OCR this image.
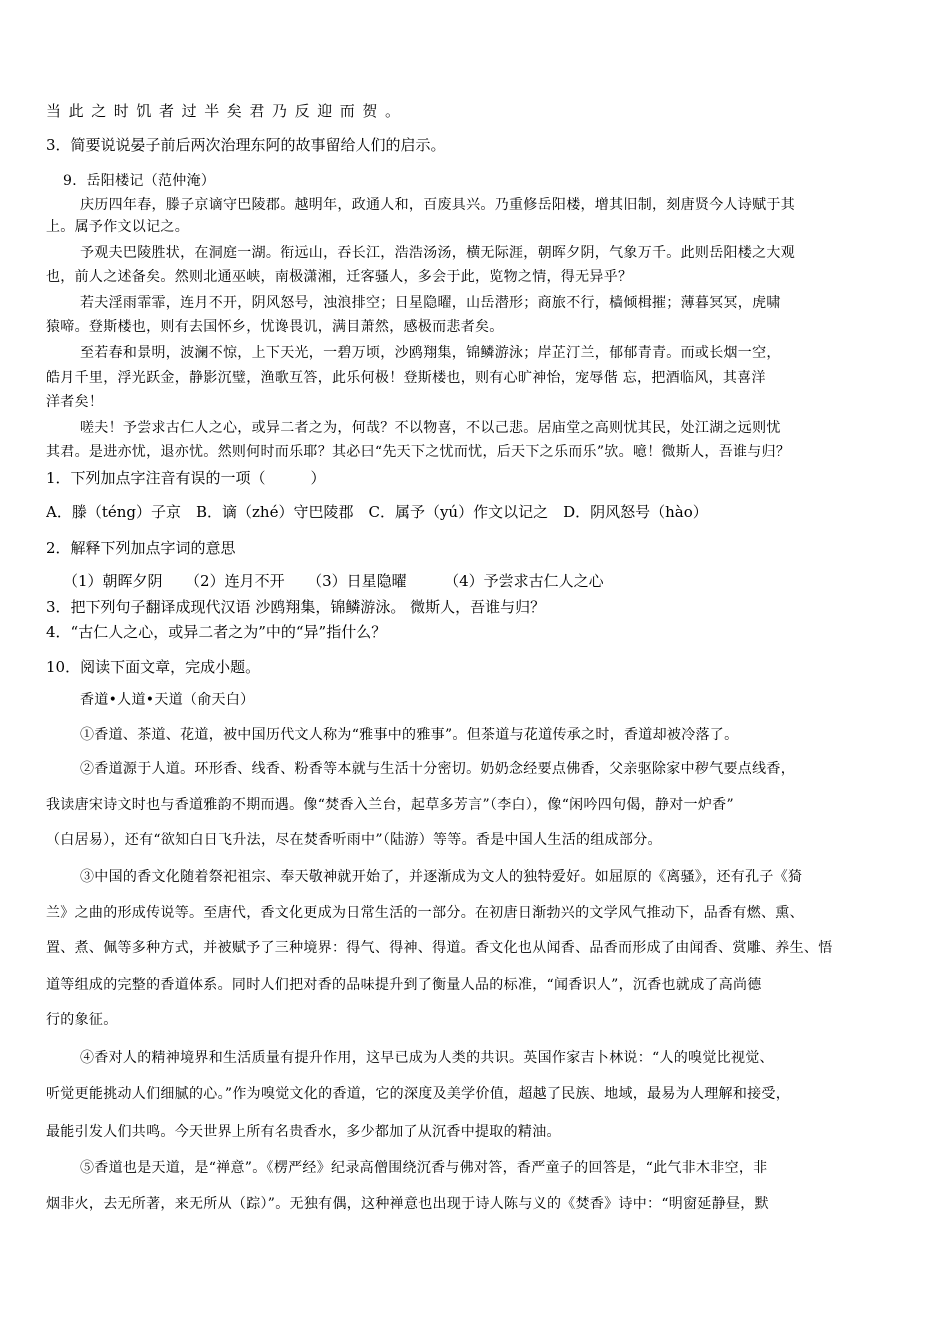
当此之时饥者过半矣君乃反迎而贺。
3．简要说说晏子前后两次治理东阿的故事留给人们的启示。
9．岳阳楼记（范仲淹）
庆历四年春，滕子京谪守巴陵郡。越明年，政通人和，百废具兴。乃重修岳阳楼，增其旧制，刻唐贤今人诗赋于其
上。属予作文以记之。
予观夫巴陵胜状，在洞庭一湖。衔远山，吞长江，浩浩汤汤，横无际涯，朝晖夕阴，气象万千。此则岳阳楼之大观
也，前人之述备矣。然则北通巫峡，南极潇湘，迁客骚人，多会于此，览物之情，得无异乎？
若夫淫雨霏霏，连月不开，阴风怒号，浊浪排空；日星隐曜，山岳潜形；商旅不行，樯倾楫摧；薄暮冥冥，虎啸
猿啼。登斯楼也，则有去国怀乡，忧谗畏讥，满目萧然，感极而悲者矣。
至若春和景明，波澜不惊，上下天光，一碧万顷，沙鸥翔集，锦鳞游泳；岸芷汀兰，郁郁青青。而或长烟一空，
皓月千里，浮光跃金，静影沉璧，渔歌互答，此乐何极！登斯楼也，则有心旷神怡，宠辱偕 忘，把酒临风，其喜洋
洋者矣！
嗟夫！予尝求古仁人之心，或异二者之为，何哉？不以物喜，不以己悲。居庙堂之高则忧其民，处江湖之远则忧
其君。是进亦忧，退亦忧。然则何时而乐耶？其必曰“先天下之忧而忧，后天下之乐而乐”欤。噫！微斯人，吾谁与归？
1．下列加点字注音有误的一项（　　　）
A．滕（téng）子京　B．谪（zhé）守巴陵郡　C．属予（yú）作文以记之　D．阴风怒号（hào）
2．解释下列加点字词的意思
（1）朝晖夕阴　　（2）连月不开　　（3）日星隐曜　　　（4）予尝求古仁人之心
3．把下列句子翻译成现代汉语 沙鸥翔集，锦鳞游泳。 微斯人，吾谁与归？
4．“古仁人之心，或异二者之为”中的“异”指什么？
10．阅读下面文章，完成小题。
香道•人道•天道（俞天白）
①香道、茶道、花道，被中国历代文人称为“雅事中的雅事”。但茶道与花道传承之时，香道却被冷落了。
②香道源于人道。环形香、线香、粉香等本就与生活十分密切。奶奶念经要点佛香，父亲驱除家中秽气要点线香，
我读唐宋诗文时也与香道雅韵不期而遇。像“焚香入兰台，起草多芳言”（李白），像“闲吟四句偈，静对一炉香”
（白居易），还有“欲知白日飞升法，尽在焚香听雨中”（陆游）等等。香是中国人生活的组成部分。
③中国的香文化随着祭祀祖宗、奉天敬神就开始了，并逐渐成为文人的独特爱好。如屈原的《离骚》，还有孔子《猗
兰》之曲的形成传说等。至唐代，香文化更成为日常生活的一部分。在初唐日渐勃兴的文学风气推动下，品香有燃、熏、
置、煮、佩等多种方式，并被赋予了三种境界：得气、得神、得道。香文化也从闻香、品香而形成了由闻香、赏雕、养生、悟
道等组成的完整的香道体系。同时人们把对香的品味提升到了衡量人品的标准，“闻香识人”，沉香也就成了高尚德
行的象征。
④香对人的精神境界和生活质量有提升作用，这早已成为人类的共识。英国作家吉卜林说：“人的嗅觉比视觉、
听觉更能挑动人们细腻的心。”作为嗅觉文化的香道，它的深度及美学价值，超越了民族、地域，最易为人理解和接受，
最能引发人们共鸣。今天世界上所有名贵香水，多少都加了从沉香中提取的精油。
⑤香道也是天道，是“禅意”。《楞严经》纪录高僧围绕沉香与佛对答，香严童子的回答是，“此气非木非空，非
烟非火，去无所著，来无所从（踪）”。无独有偶，这种禅意也出现于诗人陈与义的《焚香》诗中：“明窗延静昼，默
